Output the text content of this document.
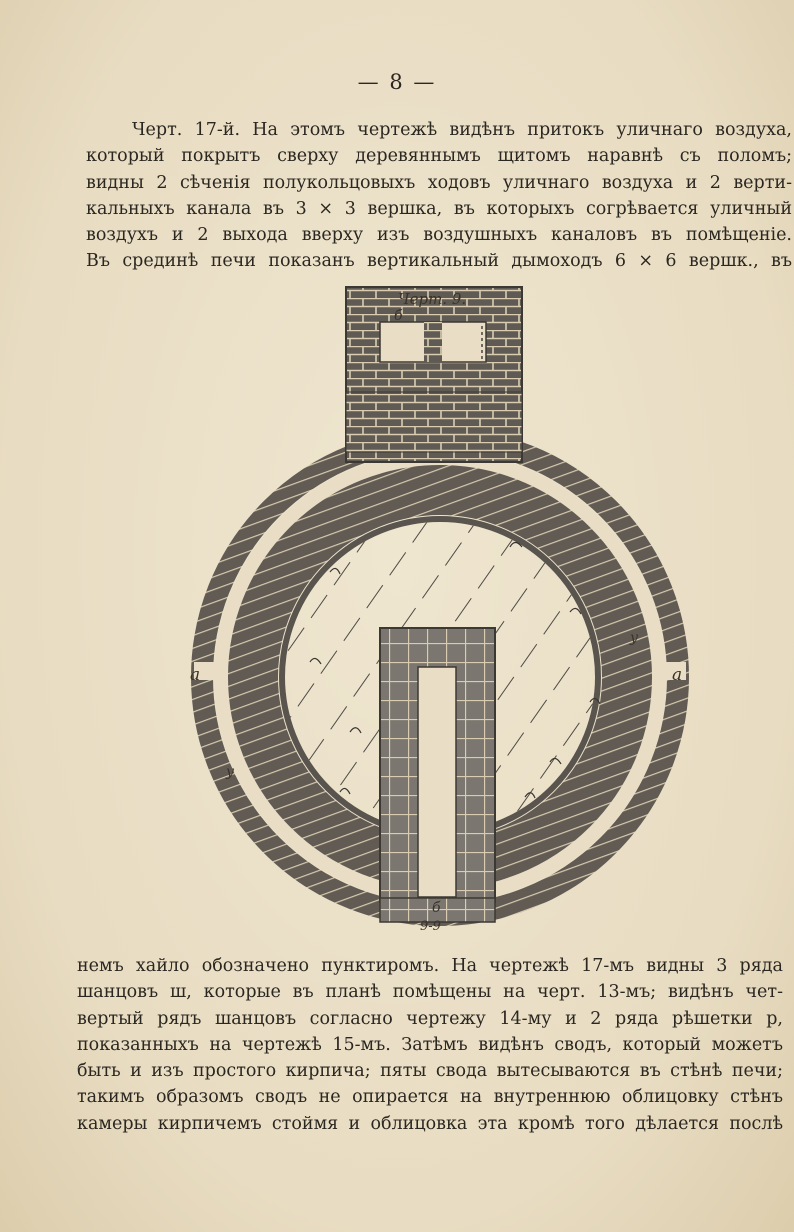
— 8 —
Черт. 17-й. На этомъ чертежѣ видѣнъ притокъ уличнаго воздуха,
который покрытъ сверху деревяннымъ щитомъ наравнѣ съ поломъ;
видны 2 сѣченія полукольцовыхъ ходовъ уличнаго воздуха и 2 верти-
кальныхъ канала въ 3 × 3 вершка, въ которыхъ согрѣвается уличный
воздухъ и 2 выхода вверху изъ воздушныхъ каналовъ въ помѣщеніе.
Въ срединѣ печи показанъ вертикальный дымоходъ 6 × 6 вершк., въ
Черт. 9.
б
а	а
у
у
б
9-9
немъ хайло обозначено пунктиромъ. На чертежѣ 17-мъ видны 3 ряда
шанцовъ ш, которые въ планѣ помѣщены на черт. 13-мъ; видѣнъ чет-
вертый рядъ шанцовъ согласно чертежу 14-му и 2 ряда рѣшетки р,
показанныхъ на чертежѣ 15-мъ. Затѣмъ видѣнъ сводъ, который можетъ
быть и изъ простого кирпича; пяты свода вытесываются въ стѣнѣ печи;
такимъ образомъ сводъ не опирается на внутреннюю облицовку стѣнъ
камеры кирпичемъ стоймя и облицовка эта кромѣ того дѣлается послѣ
